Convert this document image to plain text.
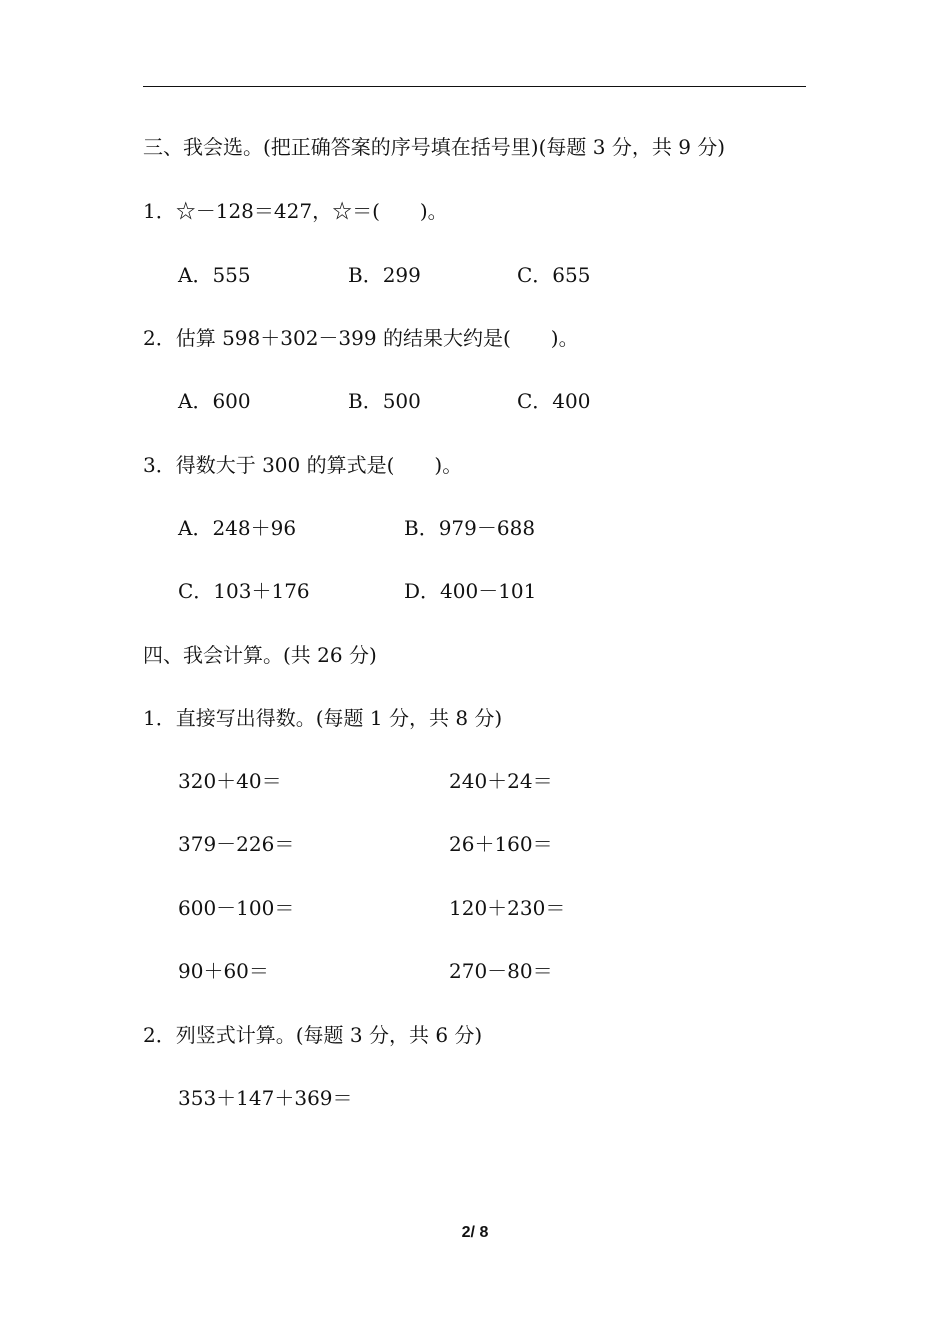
三、我会选。(把正确答案的序号填在括号里)(每题 3 分，共 9 分)
1．☆－128＝427，☆＝(　　)。
A．555	B．299	C．655
2．估算 598＋302－399 的结果大约是(　　)。
A．600	B．500	C．400
3．得数大于 300 的算式是(　　)。
A．248＋96	B．979－688
C．103＋176	D．400－101
四、我会计算。(共 26 分)
1．直接写出得数。(每题 1 分，共 8 分)
320＋40＝	240＋24＝
379－226＝	26＋160＝
600－100＝	120＋230＝
90＋60＝	270－80＝
2．列竖式计算。(每题 3 分，共 6 分)
353＋147＋369＝
2/ 8
